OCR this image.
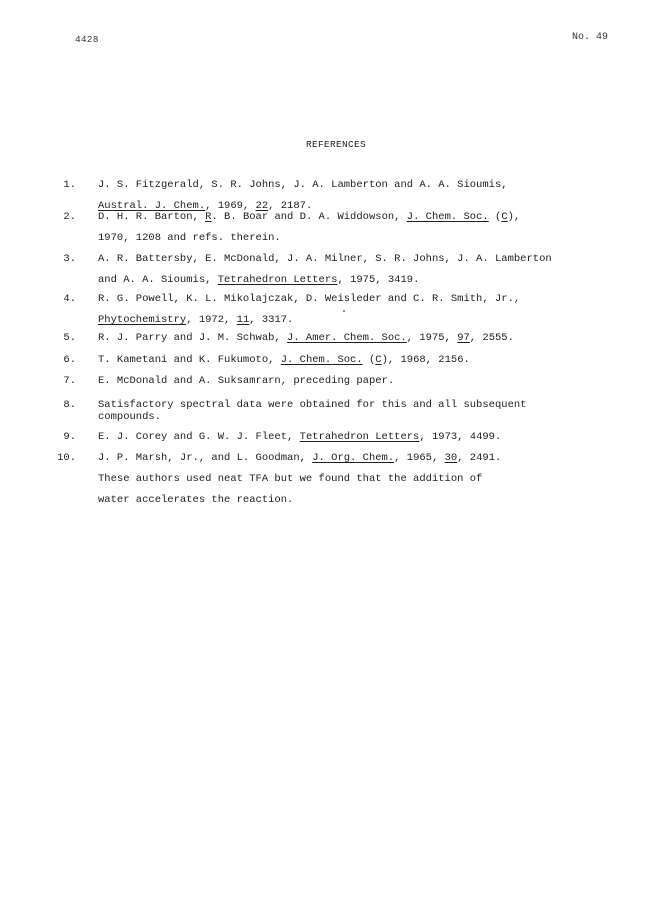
4428	No. 49
REFERENCES
1. J. S. Fitzgerald, S. R. Johns, J. A. Lamberton and A. A. Sioumis,
Austral. J. Chem., 1969, 22, 2187.
2. D. H. R. Barton, R. B. Boar and D. A. Widdowson, J. Chem. Soc. (C),
1970, 1208 and refs. therein.
3. A. R. Battersby, E. McDonald, J. A. Milner, S. R. Johns, J. A. Lamberton
and A. A. Sioumis, Tetrahedron Letters, 1975, 3419.
4. R. G. Powell, K. L. Mikolajczak, D. Weisleder and C. R. Smith, Jr.,
Phytochemistry, 1972, 11, 3317.
5. R. J. Parry and J. M. Schwab, J. Amer. Chem. Soc., 1975, 97, 2555.
6. T. Kametani and K. Fukumoto, J. Chem. Soc. (C), 1968, 2156.
7. E. McDonald and A. Suksamrarn, preceding paper.
8. Satisfactory spectral data were obtained for this and all subsequent
compounds.
9. E. J. Corey and G. W. J. Fleet, Tetrahedron Letters, 1973, 4499.
10. J. P. Marsh, Jr., and L. Goodman, J. Org. Chem., 1965, 30, 2491.
These authors used neat TFA but we found that the addition of
water accelerates the reaction.
